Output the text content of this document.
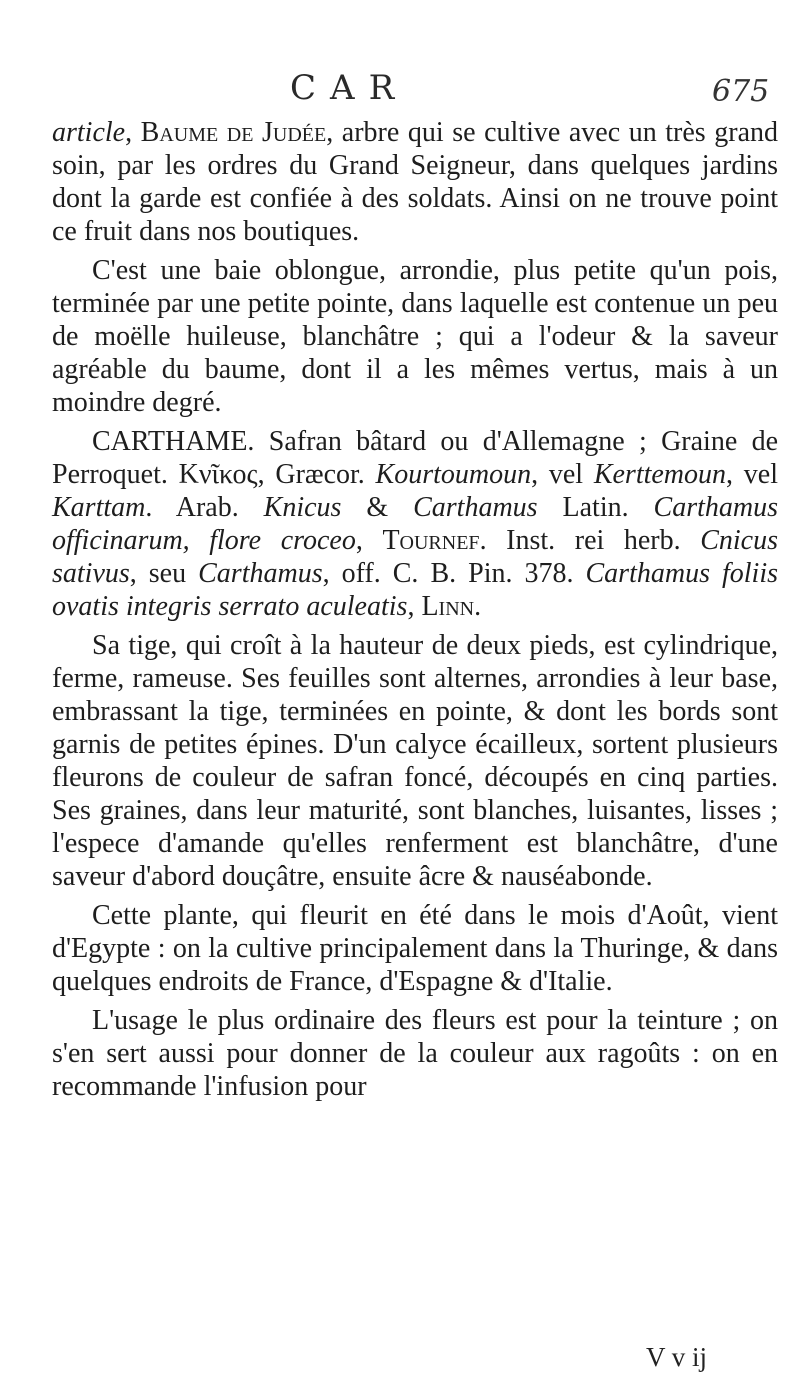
CAR	675

article, Baume de Judée, arbre qui se cultive avec un très grand soin, par les ordres du Grand Seigneur, dans quelques jardins dont la garde est confiée à des soldats. Ainsi on ne trouve point ce fruit dans nos boutiques.

C'est une baie oblongue, arrondie, plus petite qu'un pois, terminée par une petite pointe, dans laquelle est contenue un peu de moëlle huileuse, blanchâtre ; qui a l'odeur & la saveur agréable du baume, dont il a les mêmes vertus, mais à un moindre degré.

CARTHAME. Safran bâtard ou d'Allemagne ; Graine de Perroquet. Κνῖκος, Græcor. Kourtoumoun, vel Kerttemoun, vel Karttam. Arab. Knicus & Carthamus Latin. Carthamus officinarum, flore croceo, Tournef. Inst. rei herb. Cnicus sativus, seu Carthamus, off. C. B. Pin. 378. Carthamus foliis ovatis integris serrato aculeatis, Linn.

Sa tige, qui croît à la hauteur de deux pieds, est cylindrique, ferme, rameuse. Ses feuilles sont alternes, arrondies à leur base, embrassant la tige, terminées en pointe, & dont les bords sont garnis de petites épines. D'un calyce écailleux, sortent plusieurs fleurons de couleur de safran foncé, découpés en cinq parties. Ses graines, dans leur maturité, sont blanches, luisantes, lisses ; l'espece d'amande qu'elles renferment est blanchâtre, d'une saveur d'abord douçâtre, ensuite âcre & nauséabonde.

Cette plante, qui fleurit en été dans le mois d'Août, vient d'Egypte : on la cultive principalement dans la Thuringe, & dans quelques endroits de France, d'Espagne & d'Italie.

L'usage le plus ordinaire des fleurs est pour la teinture ; on s'en sert aussi pour donner de la couleur aux ragoûts : on en recommande l'infusion pour

V v ij
